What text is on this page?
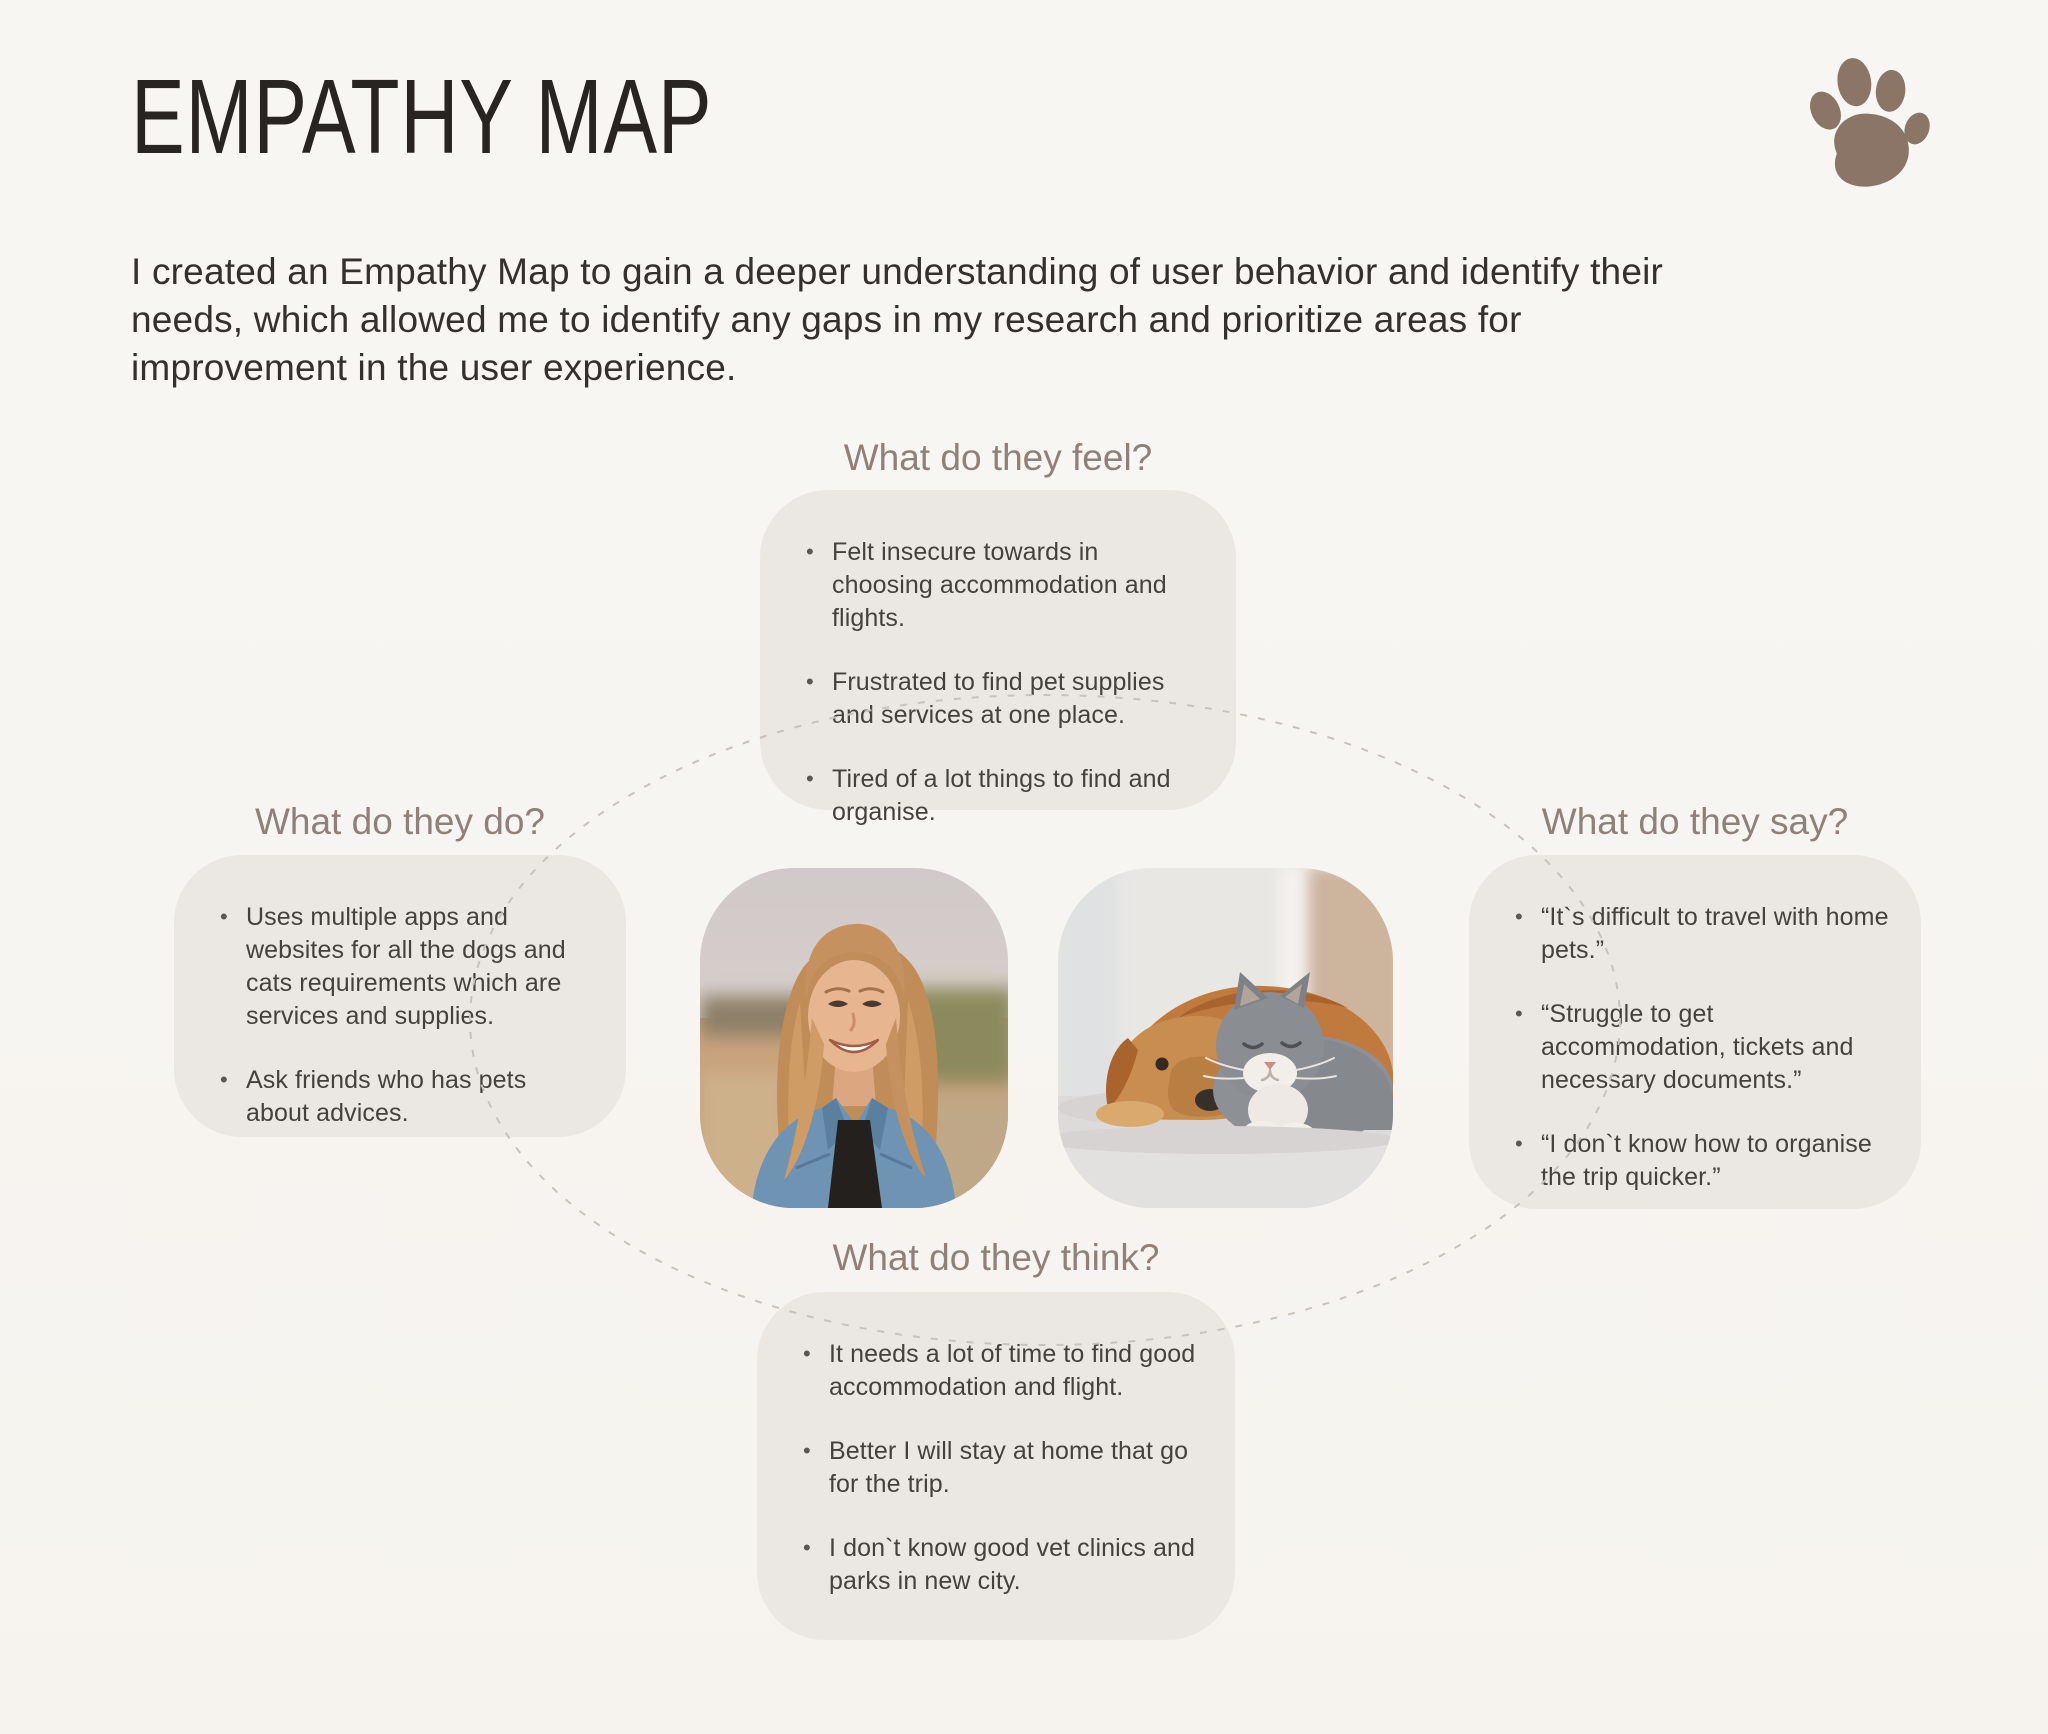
EMPATHY MAP
I created an Empathy Map to gain a deeper understanding of user behavior and identify their needs, which allowed me to identify any gaps in my research and prioritize areas for improvement in the user experience.
What do they feel?
• Felt insecure towards in choosing accommodation and flights.
• Frustrated to find pet supplies and services at one place.
• Tired of a lot things to find and organise.
What do they do?
• Uses multiple apps and websites for all the dogs and cats requirements which are services and supplies.
• Ask friends who has pets about advices.
What do they say?
• “It`s difficult to travel with home pets.”
• “Struggle to get accommodation, tickets and necessary documents.”
• “I don`t know how to organise the trip quicker.”
What do they think?
• It needs a lot of time to find good accommodation and flight.
• Better I will stay at home that go for the trip.
• I don`t know good vet clinics and parks in new city.
